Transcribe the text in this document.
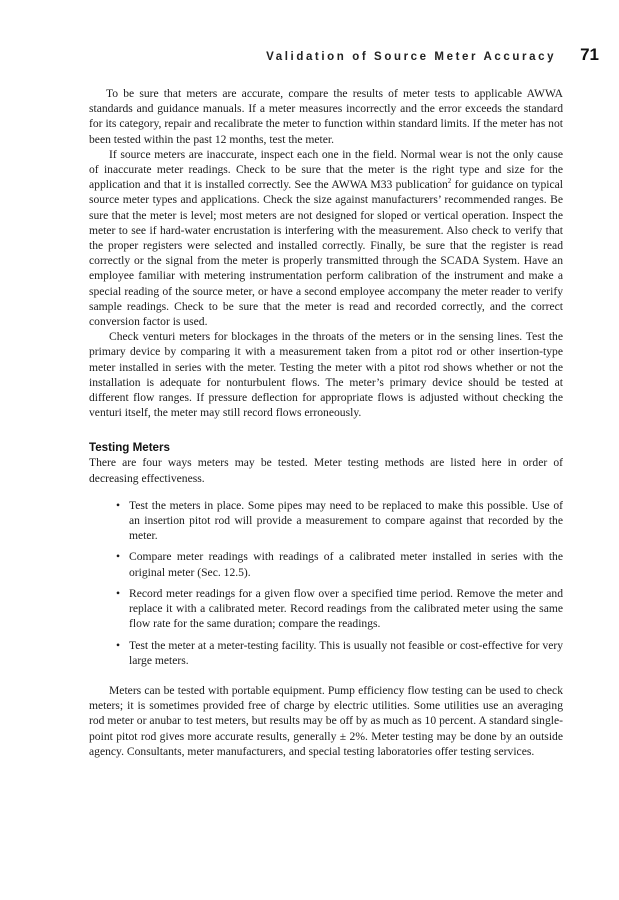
Validation of Source Meter Accuracy 71

To be sure that meters are accurate, compare the results of meter tests to applicable AWWA standards and guidance manuals. If a meter measures incorrectly and the error exceeds the standard for its category, repair and recalibrate the meter to function within standard limits. If the meter has not been tested within the past 12 months, test the meter.

If source meters are inaccurate, inspect each one in the field. Normal wear is not the only cause of inaccurate meter readings. Check to be sure that the meter is the right type and size for the application and that it is installed correctly. See the AWWA M33 publication$^2$ for guidance on typical source meter types and applications. Check the size against manufacturers’ recommended ranges. Be sure that the meter is level; most meters are not designed for sloped or vertical operation. Inspect the meter to see if hard-water encrustation is interfering with the measurement. Also check to verify that the proper registers were selected and installed correctly. Finally, be sure that the register is read correctly or the signal from the meter is properly transmitted through the SCADA System. Have an employee familiar with metering instrumentation perform calibration of the instrument and make a special reading of the source meter, or have a second employee accompany the meter reader to verify sample readings. Check to be sure that the meter is read and recorded correctly, and the correct conversion factor is used.

Check venturi meters for blockages in the throats of the meters or in the sensing lines. Test the primary device by comparing it with a measurement taken from a pitot rod or other insertion-type meter installed in series with the meter. Testing the meter with a pitot rod shows whether or not the installation is adequate for nonturbulent flows. The meter’s primary device should be tested at different flow ranges. If pressure deflection for appropriate flows is adjusted without checking the venturi itself, the meter may still record flows erroneously.

Testing Meters

There are four ways meters may be tested. Meter testing methods are listed here in order of decreasing effectiveness.

• Test the meters in place. Some pipes may need to be replaced to make this possible. Use of an insertion pitot rod will provide a measurement to compare against that recorded by the meter.
• Compare meter readings with readings of a calibrated meter installed in series with the original meter (Sec. 12.5).
• Record meter readings for a given flow over a specified time period. Remove the meter and replace it with a calibrated meter. Record readings from the calibrated meter using the same flow rate for the same duration; compare the readings.
• Test the meter at a meter-testing facility. This is usually not feasible or cost-effective for very large meters.

Meters can be tested with portable equipment. Pump efficiency flow testing can be used to check meters; it is sometimes provided free of charge by electric utilities. Some utilities use an averaging rod meter or anubar to test meters, but results may be off by as much as 10 percent. A standard single-point pitot rod gives more accurate results, generally ± 2%. Meter testing may be done by an outside agency. Consultants, meter manufacturers, and special testing laboratories offer testing services.
